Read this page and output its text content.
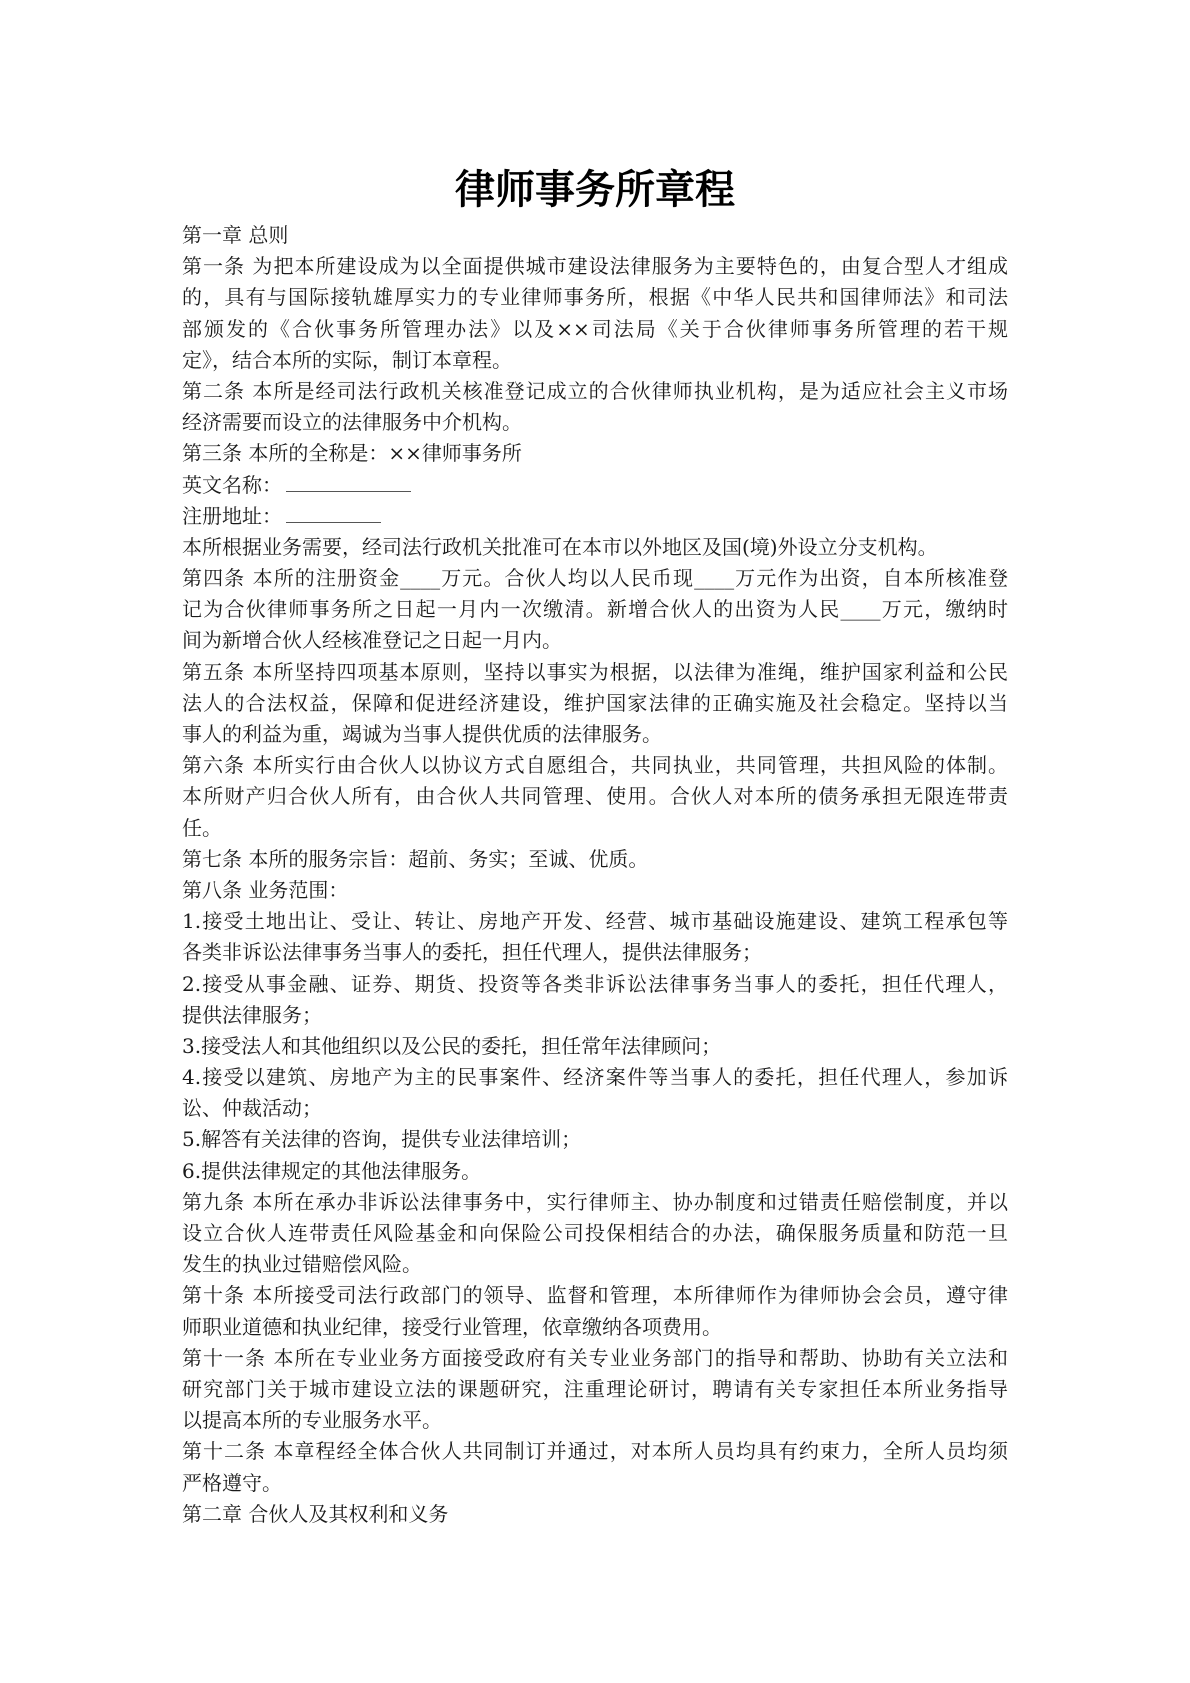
律师事务所章程
第一章 总则
第一条 为把本所建设成为以全面提供城市建设法律服务为主要特色的，由复合型人才组成
的，具有与国际接轨雄厚实力的专业律师事务所，根据《中华人民共和国律师法》和司法
部颁发的《合伙事务所管理办法》以及××司法局《关于合伙律师事务所管理的若干规
定》，结合本所的实际，制订本章程。
第二条 本所是经司法行政机关核准登记成立的合伙律师执业机构，是为适应社会主义市场
经济需要而设立的法律服务中介机构。
第三条 本所的全称是：××律师事务所
英文名称：
注册地址：
本所根据业务需要，经司法行政机关批准可在本市以外地区及国(境)外设立分支机构。
第四条 本所的注册资金____万元。合伙人均以人民币现____万元作为出资，自本所核准登
记为合伙律师事务所之日起一月内一次缴清。新增合伙人的出资为人民____万元，缴纳时
间为新增合伙人经核准登记之日起一月内。
第五条 本所坚持四项基本原则，坚持以事实为根据，以法律为准绳，维护国家利益和公民
法人的合法权益，保障和促进经济建设，维护国家法律的正确实施及社会稳定。坚持以当
事人的利益为重，竭诚为当事人提供优质的法律服务。
第六条 本所实行由合伙人以协议方式自愿组合，共同执业，共同管理，共担风险的体制。
本所财产归合伙人所有，由合伙人共同管理、使用。合伙人对本所的债务承担无限连带责
任。
第七条 本所的服务宗旨：超前、务实；至诚、优质。
第八条 业务范围：
1.接受土地出让、受让、转让、房地产开发、经营、城市基础设施建设、建筑工程承包等
各类非诉讼法律事务当事人的委托，担任代理人，提供法律服务；
2.接受从事金融、证券、期货、投资等各类非诉讼法律事务当事人的委托，担任代理人，
提供法律服务；
3.接受法人和其他组织以及公民的委托，担任常年法律顾问；
4.接受以建筑、房地产为主的民事案件、经济案件等当事人的委托，担任代理人，参加诉
讼、仲裁活动；
5.解答有关法律的咨询，提供专业法律培训；
6.提供法律规定的其他法律服务。
第九条 本所在承办非诉讼法律事务中，实行律师主、协办制度和过错责任赔偿制度，并以
设立合伙人连带责任风险基金和向保险公司投保相结合的办法，确保服务质量和防范一旦
发生的执业过错赔偿风险。
第十条 本所接受司法行政部门的领导、监督和管理，本所律师作为律师协会会员，遵守律
师职业道德和执业纪律，接受行业管理，依章缴纳各项费用。
第十一条 本所在专业业务方面接受政府有关专业业务部门的指导和帮助、协助有关立法和
研究部门关于城市建设立法的课题研究，注重理论研讨，聘请有关专家担任本所业务指导
以提高本所的专业服务水平。
第十二条 本章程经全体合伙人共同制订并通过，对本所人员均具有约束力，全所人员均须
严格遵守。
第二章 合伙人及其权利和义务
